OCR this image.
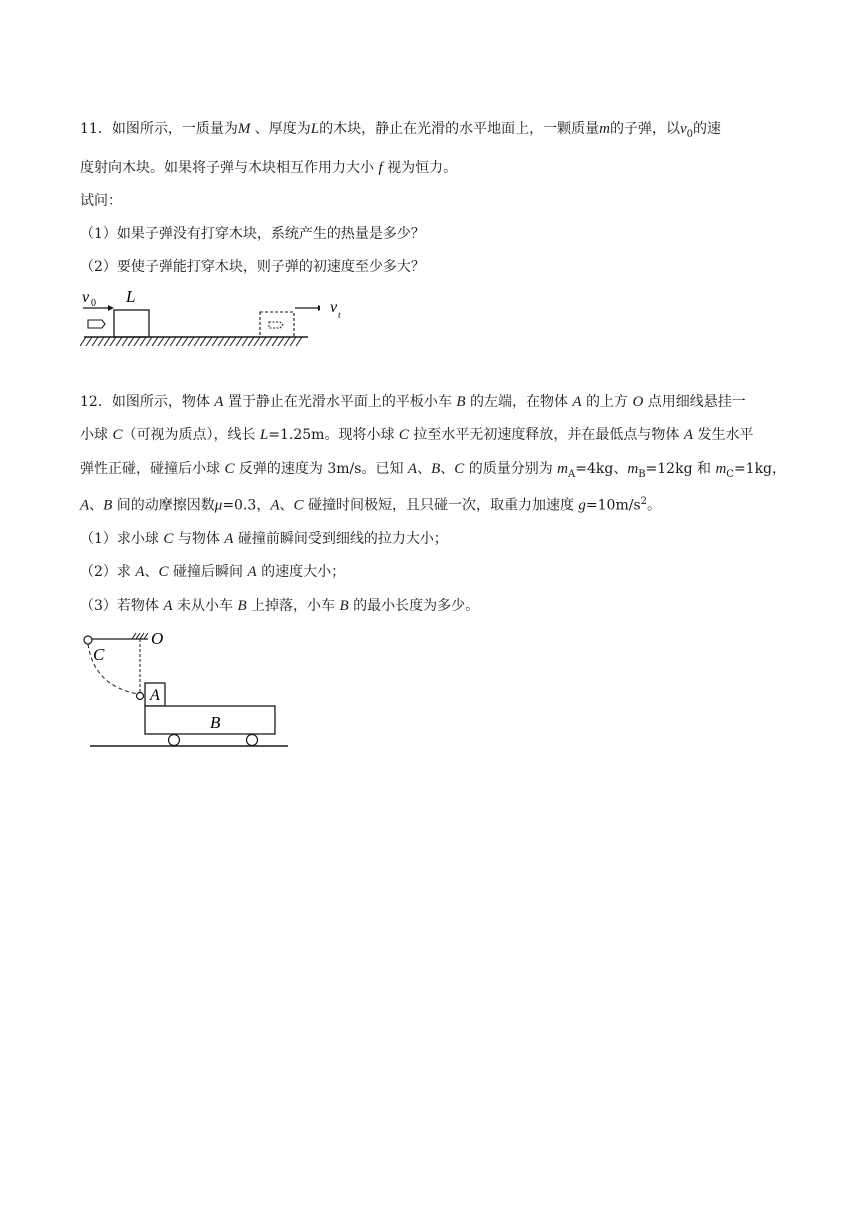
11．如图所示，一质量为M 、厚度为L的木块，静止在光滑的水平地面上，一颗质量m的子弹，以$v_0$的速
度射向木块。如果将子弹与木块相互作用力大小 f 视为恒力。
试问：
（1）如果子弹没有打穿木块，系统产生的热量是多少？
（2）要使子弹能打穿木块，则子弹的初速度至少多大？
v 0 L
v t
12．如图所示，物体 A 置于静止在光滑水平面上的平板小车 B 的左端，在物体 A 的上方 O 点用细线悬挂一
小球 C（可视为质点），线长 L=1.25m。现将小球 C 拉至水平无初速度释放，并在最低点与物体 A 发生水平
弹性正碰，碰撞后小球 C 反弹的速度为 3m/s。已知 A、B、C 的质量分别为 $m_A=4kg$、$m_B=12kg$ 和 $m_C=1kg$，
A、B 间的动摩擦因数μ=0.3，A、C 碰撞时间极短，且只碰一次，取重力加速度 $g=10m/s^2$。
（1）求小球 C 与物体 A 碰撞前瞬间受到细线的拉力大小；
（2）求 A、C 碰撞后瞬间 A 的速度大小；
（3）若物体 A 未从小车 B 上掉落，小车 B 的最小长度为多少。
O
C
A
B
